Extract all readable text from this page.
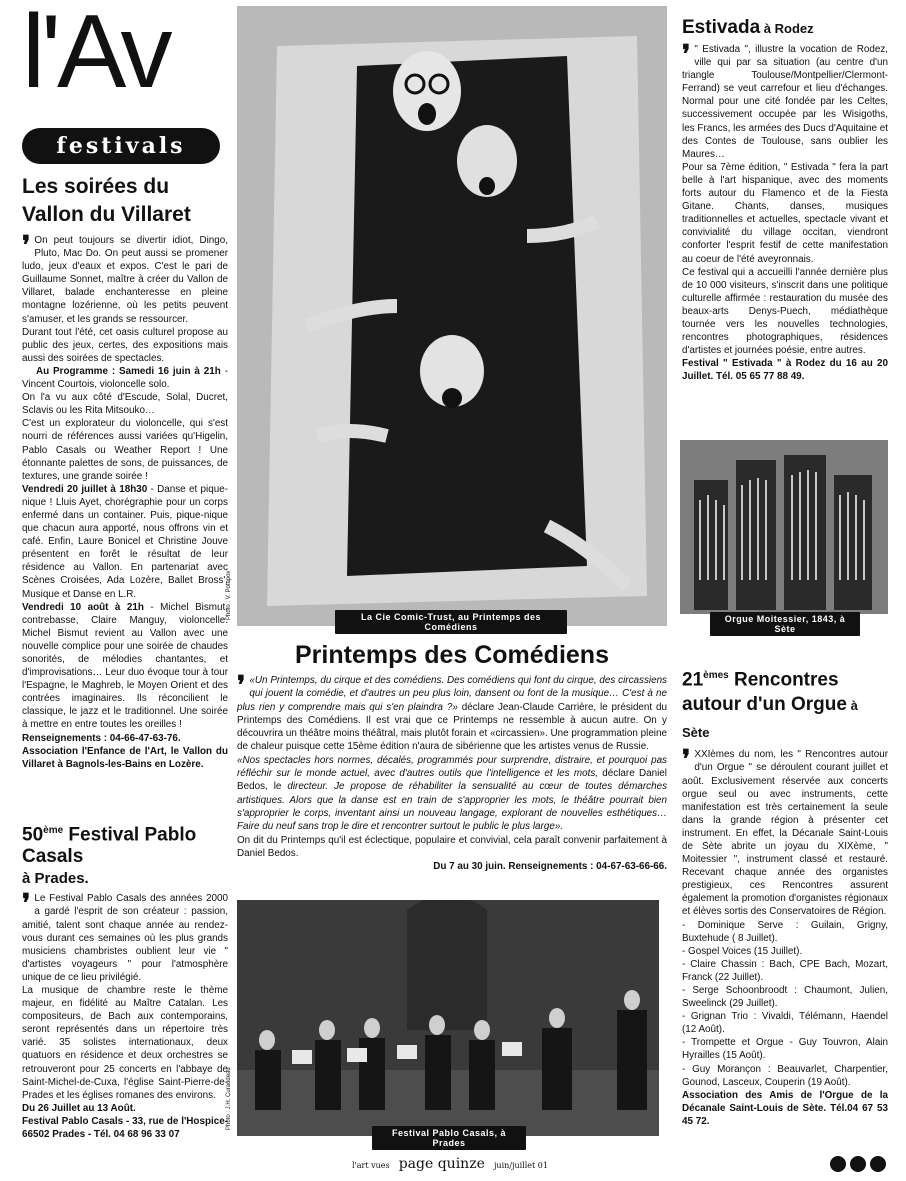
l'Av
festivals
Les soirées du
Vallon du Villaret

❜ On peut toujours se divertir idiot, Dingo, Pluto, Mac Do. On peut aussi se promener ludo, jeux d'eaux et expos. C'est le pari de Guillaume Sonnet, maître à créer du Vallon de Villaret, balade enchanteresse en pleine montagne lozérienne, où les petits peuvent s'amuser, et les grands se ressourcer.

Durant tout l'été, cet oasis culturel propose au public des jeux, certes, des expositions mais aussi des soirées de spectacles.

Au Programme : Samedi 16 juin à 21h - Vincent Courtois, violoncelle solo.

On l'a vu aux côté d'Escude, Solal, Ducret, Sclavis ou les Rita Mitsouko…

C'est un explorateur du violoncelle, qui s'est nourri de références aussi variées qu'Higelin, Pablo Casals ou Weather Report ! Une étonnante palettes de sons, de puissances, de textures, une grande soirée !

Vendredi 20 juillet à 18h30 - Danse et pique-nique ! Lluis Ayet, chorégraphie pour un corps enfermé dans un container. Puis, pique-nique que chacun aura apporté, nous offrons vin et café. Enfin, Laure Bonicel et Christine Jouve présentent en forêt le résultat de leur résidence au Vallon. En partenariat avec Scènes Croisées, Ada Lozère, Ballet Bross', Musique et Danse en L.R.

Vendredi 10 août à 21h - Michel Bismut, contrebasse, Claire Manguy, violoncelle. Michel Bismut revient au Vallon avec une nouvelle complice pour une soirée de chaudes sonorités, de mélodies chantantes, et d'improvisations… Leur duo évoque tour à tour l'Espagne, le Maghreb, le Moyen Orient et des contrées imaginaires. Ils réconcilient le classique, le jazz et le traditionnel. Une soirée à mettre en entre toutes les oreilles !

Renseignements : 04-66-47-63-76.

Association l'Enfance de l'Art, le Vallon du Villaret à Bagnols-les-Bains en Lozère.

50ème Festival Pablo Casals
à Prades.

❜ Le Festival Pablo Casals des années 2000 a gardé l'esprit de son créateur : passion, amitié, talent sont chaque année au rendez-vous durant ces semaines où les plus grands musiciens chambristes oublient leur vie " d'artistes voyageurs " pour l'atmosphère unique de ce lieu privilégié.

La musique de chambre reste le thème majeur, en fidélité au Maître Catalan. Les compositeurs, de Bach aux contemporains, seront représentés dans un répertoire très varié. 35 solistes internationaux, deux quatuors en résidence et deux orchestres se retrouveront pour 25 concerts en l'abbaye de Saint-Michel-de-Cuxa, l'église Saint-Pierre-de-Prades et les églises romanes des environs.

Du 26 Juillet au 13 Août.

Festival Pablo Casals - 33, rue de l'Hospice-66502 Prades - Tél. 04 68 96 33 07

La Cie Comic-Trust, au Printemps des Comédiens
Photo : V. Potapov
Printemps des Comédiens

❜ «Un Printemps, du cirque et des comédiens. Des comédiens qui font du cirque, des circassiens qui jouent la comédie, et d'autres un peu plus loin, dansent ou font de la musique… C'est à ne plus rien y comprendre mais qui s'en plaindra ?» déclare Jean-Claude Carrière, le président du Printemps des Comédiens. Il est vrai que ce Printemps ne ressemble à aucun autre. On y découvrira un théâtre moins théâtral, mais plutôt forain et «circassien». Une programmation pleine de chaleur puisque cette 15ème édition n'aura de sibérienne que les artistes venus de Russie.

«Nos spectacles hors normes, décalés, programmés pour surprendre, distraire, et pourquoi pas réfléchir sur le monde actuel, avec d'autres outils que l'intelligence et les mots, déclare Daniel Bedos, le directeur. Je propose de réhabiliter la sensualité au cœur de toutes démarches artistiques. Alors que la danse est en train de s'approprier les mots, le théâtre pourrait bien s'approprier le corps, inventant ainsi un nouveau langage, explorant de nouvelles esthétiques… Faire du neuf sans trop le dire et rencontrer surtout le public le plus large».

On dit du Printemps qu'il est éclectique, populaire et convivial, cela paraît convenir parfaitement à Daniel Bedos.

Du 7 au 30 juin. Renseignements : 04-67-63-66-66.

Festival Pablo Casals, à Prades
Photo : J.H. Curaudeau
Estivada à Rodez

❜ " Estivada ", illustre la vocation de Rodez, ville qui par sa situation (au centre d'un triangle Toulouse/Montpellier/Clermont-Ferrand) se veut carrefour et lieu d'échanges. Normal pour une cité fondée par les Celtes, successivement occupée par les Wisigoths, les Francs, les armées des Ducs d'Aquitaine et des Contes de Toulouse, sans oublier les Maures…

Pour sa 7ème édition, " Estivada " fera la part belle à l'art hispanique, avec des moments forts autour du Flamenco et de la Fiesta Gitane. Chants, danses, musiques traditionnelles et actuelles, spectacle vivant et convivialité du village occitan, viendront conforter l'esprit festif de cette manifestation au coeur de l'été aveyronnais.

Ce festival qui a accueilli l'année dernière plus de 10 000 visiteurs, s'inscrit dans une politique culturelle affirmée : restauration du musée des beaux-arts Denys-Puech, médiathèque tournée vers les nouvelles technologies, rencontres photographiques, résidences d'artistes et journées poésie, entre autres.

Festival " Estivada " à Rodez du 16 au 20 Juillet. Tél. 05 65 77 88 49.

Orgue Moitessier, 1843, à Sète
21èmes Rencontres
autour d'un Orgue à Sète

❜ XXIèmes du nom, les " Rencontres autour d'un Orgue " se déroulent courant juillet et août. Exclusivement réservée aux concerts orgue seul ou avec instruments, cette manifestation est très certainement la seule dans la grande région à présenter cet instrument. En effet, la Décanale Saint-Louis de Sète abrite un joyau du XIXème, " Moitessier ", instrument classé et restauré. Recevant chaque année des organistes prestigieux, ces Rencontres assurent également la promotion d'organistes régionaux et élèves sortis des Conservatoires de Région.

- Dominique Serve : Guilain, Grigny, Buxtehude ( 8 Juillet).

- Gospel Voices (15 Juillet).

- Claire Chassin : Bach, CPE Bach, Mozart, Franck (22 Juillet).

- Serge Schoonbroodt : Chaumont, Julien, Sweelinck (29 Juillet).

- Grignan Trio : Vivaldi, Télémann, Haendel (12 Août).

- Trompette et Orgue - Guy Touvron, Alain Hyrailles (15 Août).

- Guy Morançon : Beauvarlet, Charpentier, Gounod, Lasceux, Couperin (19 Août).

Association des Amis de l'Orgue de la Décanale Saint-Louis de Sète. Tél.04 67 53 45 72.

l'art vues page quinze juin/juillet 01
